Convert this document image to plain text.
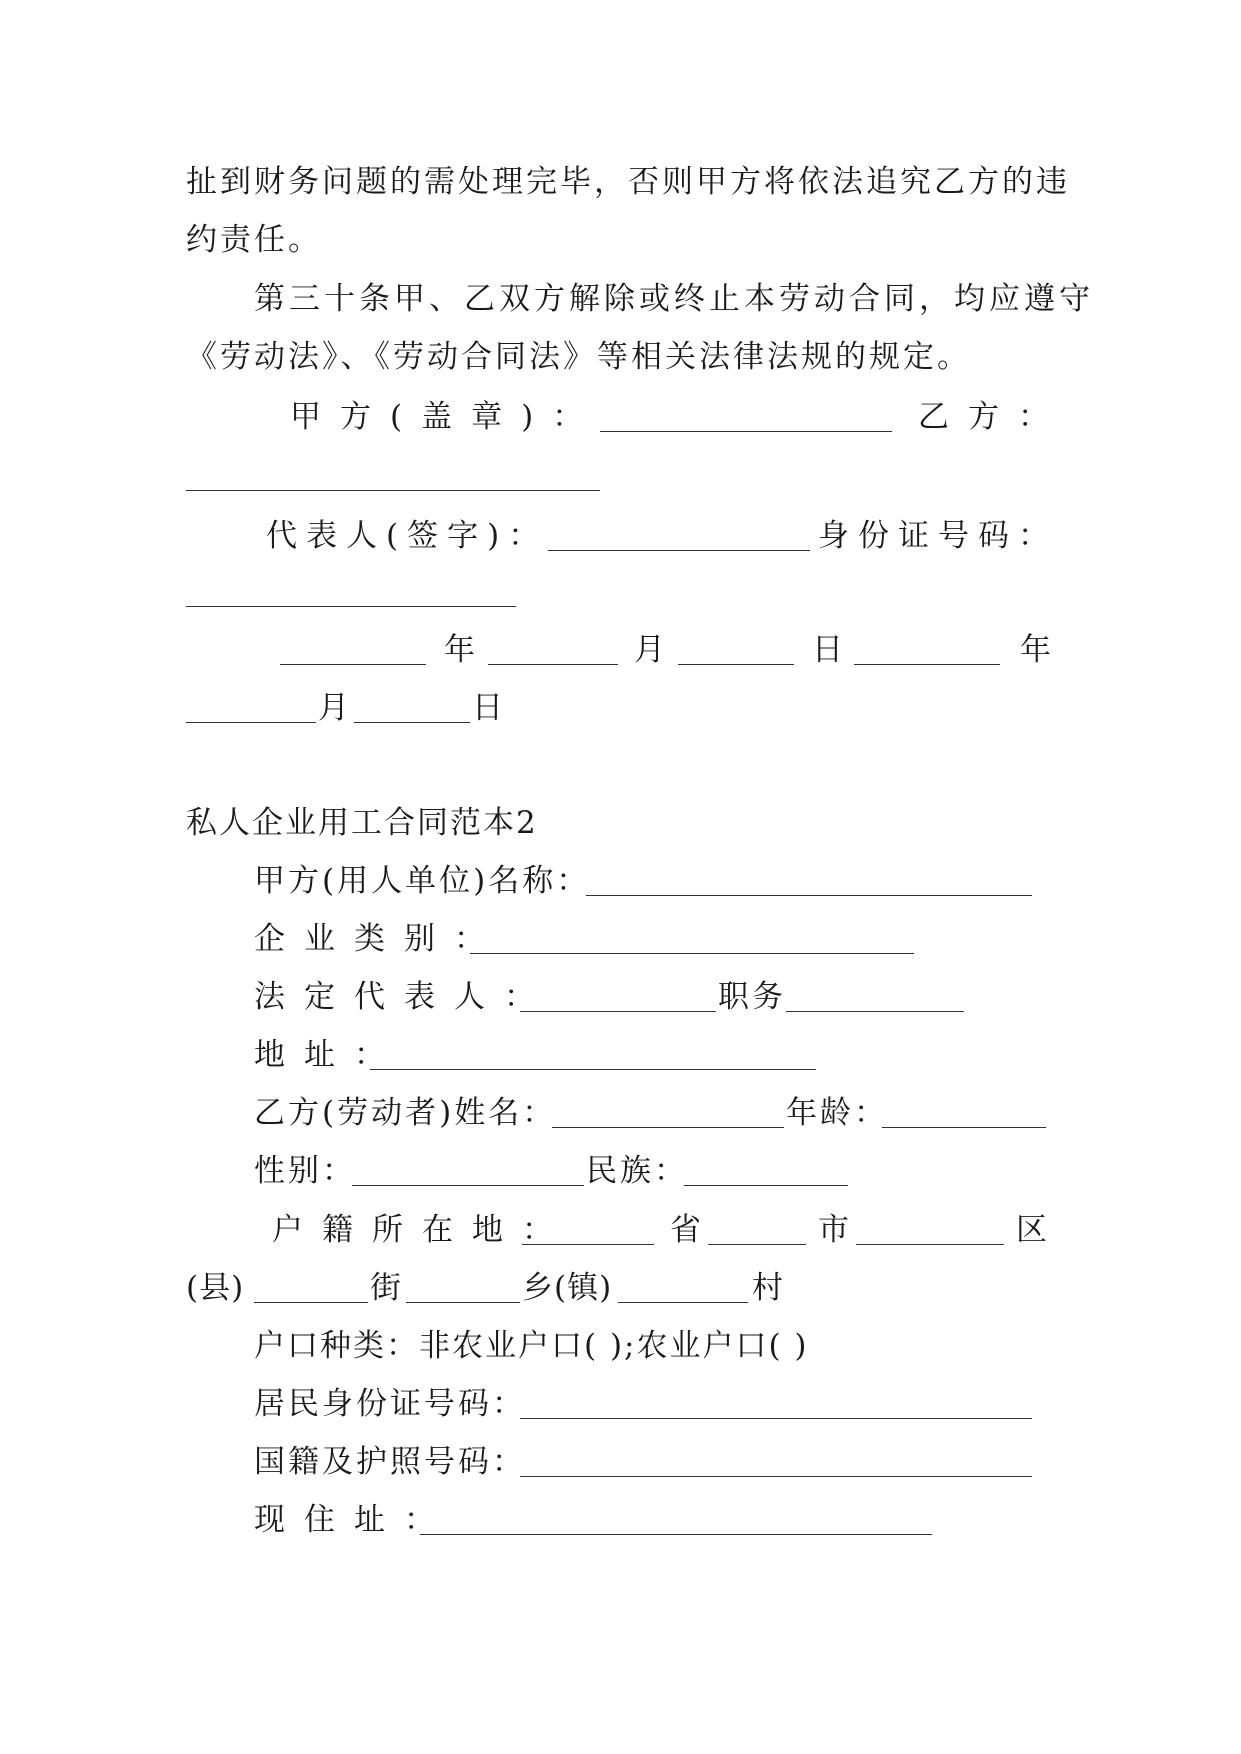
扯到财务问题的需处理完毕，否则甲方将依法追究乙方的违
约责任。
第三十条甲、乙双方解除或终止本劳动合同，均应遵守
《劳动法》、《劳动合同法》等相关法律法规的规定。
甲方(盖章)：	乙方：
代表人(签字)：	身份证号码：
年	月	日	年
月	日
私人企业用工合同范本2
甲方(用人单位)名称：
企业类别：
法定代表人：	职务
地址：
乙方(劳动者)姓名：	年龄：
性别：	民族：
户籍所在地：	省	市	区
(县)	街	乡(镇)	村
户口种类：非农业户口( );农业户口( )
居民身份证号码：
国籍及护照号码：
现住址：
